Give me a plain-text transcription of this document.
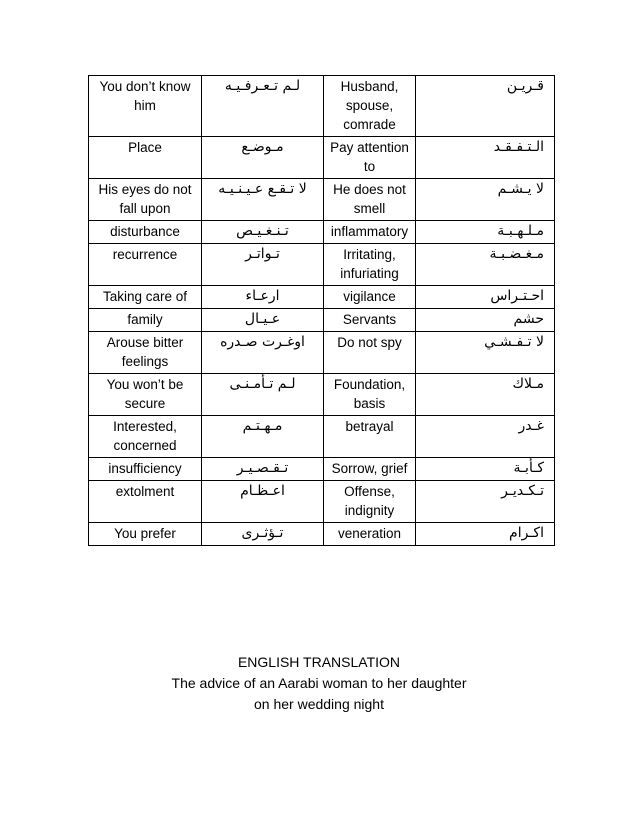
You don’t know him	لـم تـعـرفـيـه	Husband, spouse, comrade	قـريـن
Place	مـوضـع	Pay attention to	الـتـفـقـد
His eyes do not fall upon	لا تـقـع عـيـنـيـه	He does not smell	لا يـشـم
disturbance	تـنـغـيـص	inflammatory	مـلـهـبـة
recurrence	تـواتـر	Irritating, infuriating	مـغـضـبـة
Taking care of	ارعـاء	vigilance	احـتـراس
family	عـيـال	Servants	حشم
Arouse bitter feelings	اوغـرت صـدره	Do not spy	لا تـفـشـي
You won’t be secure	لـم تـأمـنـى	Foundation, basis	مـلاك
Interested, concerned	مـهـتـم	betrayal	غـدر
insufficiency	تـقـصـيـر	Sorrow, grief	كـأبـة
extolment	اعـظـام	Offense, indignity	تـكـديـر
You prefer	تـؤثـرى	veneration	اكـرام
ENGLISH TRANSLATION
The advice of an Aarabi woman to her daughter
on her wedding night
